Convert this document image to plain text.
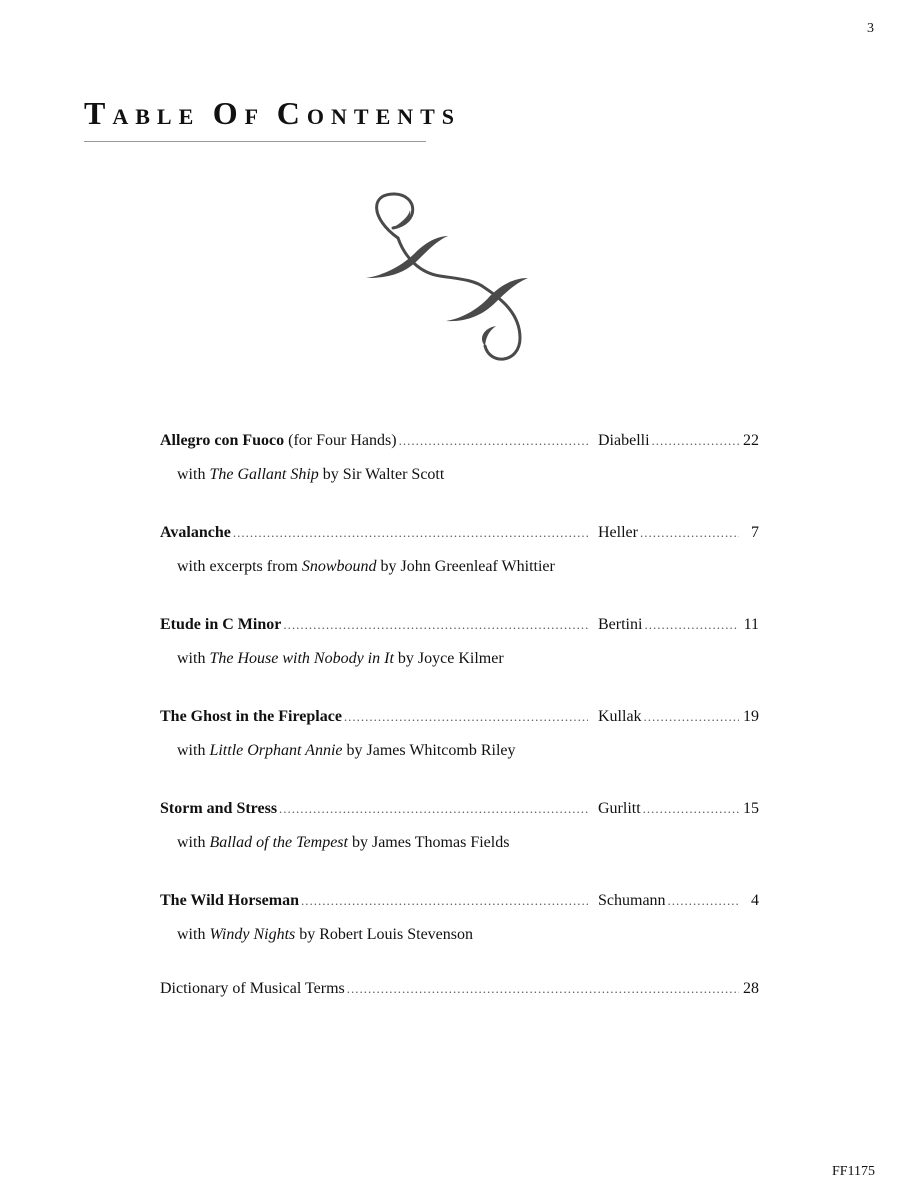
3
TABLE OF CONTENTS
Allegro con Fuoco (for Four Hands) .....	Diabelli .....	22
with The Gallant Ship by Sir Walter Scott
Avalanche .....	Heller .....	7
with excerpts from Snowbound by John Greenleaf Whittier
Etude in C Minor .....	Bertini .....	11
with The House with Nobody in It by Joyce Kilmer
The Ghost in the Fireplace .....	Kullak .....	19
with Little Orphant Annie by James Whitcomb Riley
Storm and Stress .....	Gurlitt .....	15
with Ballad of the Tempest by James Thomas Fields
The Wild Horseman .....	Schumann .....	4
with Windy Nights by Robert Louis Stevenson
Dictionary of Musical Terms .....	28
FF1175
